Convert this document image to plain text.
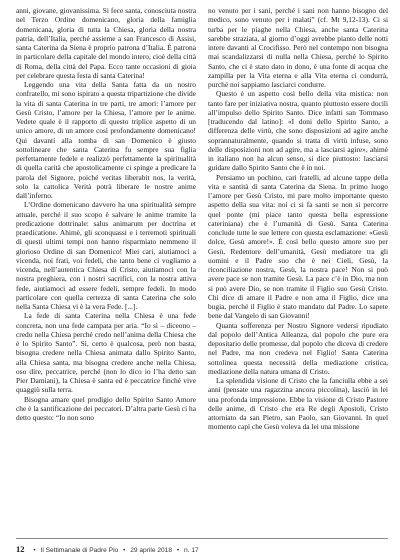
anni, giovane, giovanissima. Si fece santa, conosciuta nostra nel Terzo Ordine domenicano, gloria della famiglia domenicana, gloria di tutta la Chiesa, gloria della nostra patria, dell’Italia, perché assieme a san Francesco di Assisi, santa Caterina da Siena è proprio patrona d’Italia. È patrona in particolare della capitale del mondo intero, cioè della città di Roma, della città del Papa. Ecco tante occasioni di gioia per celebrare questa festa di santa Caterina!

Leggendo una vita della Santa fatta da un nostro confratello, mi sono ispirato a questa tripartizione che divide la vita di santa Caterina in tre parti, tre amori: l’amore per Gesù Cristo, l’amore per la Chiesa, l’amore per le anime. Vedete quale è il rapporto di questo triplice aspetto di un unico amore, di un amore così profondamente domenicano! Qui davanti alla tomba di san Domenico è giusto sottolineare che santa Caterina fu sempre sua figlia perfettamente fedele e realizzò perfettamente la spiritualità di quella carità che apostolicamente ci spinge a predicare la parola del Signore, poiché veritas liberabit nos, la verità, solo la cattolica Verità potrà liberare le nostre anime dall’inferno.

L’Ordine domenicano davvero ha una spiritualità sempre attuale, perché il suo scopo è salvare le anime tramite la predicazione dottrinale: salus animarum per doctrina et praedicatione. Ahimè, gli sconquassi e i terremoti spirituali di questi ultimi tempi non hanno risparmiato nemmeno il glorioso Ordine di san Domenico! Miei cari, aiutiamoci a vicenda, noi frati, voi fedeli, che tanto bene ci vogliamo a vicenda, nell’autentica Chiesa di Cristo, aiutiamoci con la nostra preghiera, con i nostri sacrifici, con la nostra attiva fede, aiutiamoci ad essere fedeli, sempre fedeli. In modo particolare con quella certezza di santa Caterina che solo nella Santa Chiesa vi è la vera Fede. [...].

La fede di santa Caterina nella Chiesa è una fede concreta, non una fede campata per aria. “Io sì – diceono – credo nella Chiesa perché credo nell’anima della Chiesa che è lo Spirito Santo”. Sì, certo è qualcosa, però non basta, bisogna credere nella Chiesa animata dallo Spirito Santo, alla Chiesa santa, ma bisogna credere anche nella Chiesa, oso dire, peccatrice, perché (non lo dico io l’ha detto san Pier Damiani), la Chiesa è santa ed è peccatrice finché vive quaggiù sulla terra.

Bisogna amare quel prodigio dello Spirito Santo Amore che è la santificazione dei peccatori. D’altra parte Gesù ci ha detto questo: “Io non sono

no venuto per i sani, perché i sani non hanno bisogno del medico, sono venuto per i malati” (cf. Mt 9,12-13). Ci si turba per le piaghe nella Chiesa, anche santa Caterina sarebbe straziata, al giorno d’oggi avrebbe pianto delle notti intere davanti al Crocifisso. Però nel contempo non bisogna mai scandalizzarsi di nulla nella Chiesa, perché lo Spirito Santo, che ci è stato dato in dono, è una fonte di acqua che zampilla per la Vita eterna e alla Vita eterna ci condurrà, purché noi sappiamo lasciarci condurre.

Questo è un aspetto così bello della vita mistica: non tanto fare per iniziativa nostra, quanto piuttosto essere docili all’impulso dello Spirito Santo. Dice infatti san Tommaso [traducendo dal latino]: «I doni dello Spirito Santo, a differenza delle virtù, che sono disposizioni ad agire anche soprannaturalmente, quando si tratta di virtù infuse, sono delle disposizioni non ad agire, ma a lasciarsi agire», ahimè in italiano non ha alcun senso, si dice piuttosto: lasciarsi guidare dallo Spirito Santo che è in noi.

Pensiamo un pochino, cari fratelli, ad alcune tappe della vita e santità di santa Caterina da Siena. In primo luogo l’amore per Gesù Cristo, mi pare molto importante questo aspetto della sua vita: noi ci si fa santi se non si percorre quel ponte (mi piace tanto questa bella espressione cateriniana) che è l’umanità di Gesù. Santa Caterina conclude tutte le sue lettere con questa esclamazione: «Gesù dolce, Gesù amore!». È così bello questo amore suo per Gesù, Redentore dell’umanità, Gesù mediatore tra gli uomini e il Padre suo che è nei Cieli, Gesù, la riconciliazione nostra, Gesù, la nostra pace! Non si può avere pace se non tramite Gesù. La pace c’è in Dio, ma non si può avere Dio, se non tramite il Figlio suo Gesù Cristo. Chi dice di amare il Padre e non ama il Figlio, dice una bugia, perché il Figlio è stato mandato dal Padre. Lo sapete bene dal Vangelo di san Giovanni!

Quanta sofferenza per Nostro Signore vedersi ripudiato dal popolo dell’Antica Alleanza, dal popolo che pure era depositario delle promesse, dal popolo che diceva di credere nel Padre, ma non credeva nel Figlio! Santa Caterina sottolinea questa necessità della mediazione cristica, mediazione della natura umana di Cristo.

La splendida visione di Cristo che la fanciulla ebbe a sei anni (pensate una ragazzina ancora piccolina), lasciò in lei una profonda impressione. Ebbe la visione di Cristo Pastore delle anime, di Cristo che era Re degli Apostoli, Cristo attorniato da san Pietro, san Paolo, san Giovanni. In quel momento capì che Gesù voleva da lei una missione

12 • Il Settimanale di Padre Pio • 29 aprile 2018 • n. 17
